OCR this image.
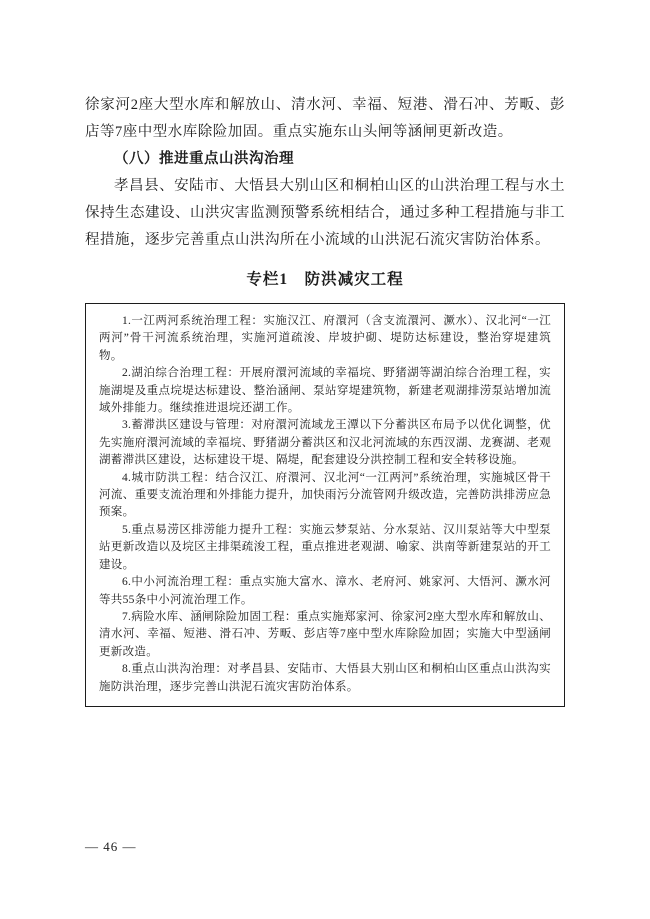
徐家河2座大型水库和解放山、清水河、幸福、短港、滑石冲、芳畈、彭店等7座中型水库除险加固。重点实施东山头闸等涵闸更新改造。

（八）推进重点山洪沟治理

孝昌县、安陆市、大悟县大别山区和桐柏山区的山洪治理工程与水土保持生态建设、山洪灾害监测预警系统相结合，通过多种工程措施与非工程措施，逐步完善重点山洪沟所在小流域的山洪泥石流灾害防治体系。

专栏1　防洪减灾工程

1.一江两河系统治理工程：实施汉江、府澴河（含支流澴河、㵐水）、汉北河“一江两河”骨干河流系统治理，实施河道疏浚、岸坡护砌、堤防达标建设，整治穿堤建筑物。

2.湖泊综合治理工程：开展府澴河流域的幸福垸、野猪湖等湖泊综合治理工程，实施湖堤及重点垸堤达标建设、整治涵闸、泵站穿堤建筑物，新建老观湖排涝泵站增加流域外排能力。继续推进退垸还湖工作。

3.蓄滞洪区建设与管理：对府澴河流域龙王潭以下分蓄洪区布局予以优化调整，优先实施府澴河流域的幸福垸、野猪湖分蓄洪区和汉北河流域的东西汊湖、龙赛湖、老观湖蓄滞洪区建设，达标建设干堤、隔堤，配套建设分洪控制工程和安全转移设施。

4.城市防洪工程：结合汉江、府澴河、汉北河“一江两河”系统治理，实施城区骨干河流、重要支流治理和外排能力提升，加快雨污分流管网升级改造，完善防洪排涝应急预案。

5.重点易涝区排涝能力提升工程：实施云梦泵站、分水泵站、汉川泵站等大中型泵站更新改造以及垸区主排渠疏浚工程，重点推进老观湖、喻家、洪南等新建泵站的开工建设。

6.中小河流治理工程：重点实施大富水、漳水、老府河、姚家河、大悟河、㵐水河等共55条中小河流治理工作。

7.病险水库、涵闸除险加固工程：重点实施郑家河、徐家河2座大型水库和解放山、清水河、幸福、短港、滑石冲、芳畈、彭店等7座中型水库除险加固；实施大中型涵闸更新改造。

8.重点山洪沟治理：对孝昌县、安陆市、大悟县大别山区和桐柏山区重点山洪沟实施防洪治理，逐步完善山洪泥石流灾害防治体系。

— 46 —
